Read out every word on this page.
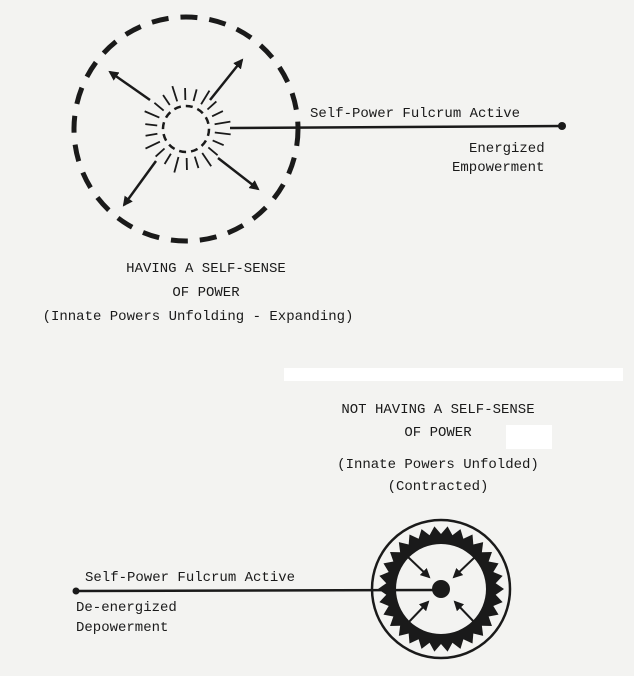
Self-Power Fulcrum Active
Energized
Empowerment
HAVING A SELF-SENSE
OF POWER
(Innate Powers Unfolding - Expanding)
NOT HAVING A SELF-SENSE
OF POWER
(Innate Powers Unfolded)
(Contracted)
Self-Power Fulcrum Active
De-energized
Depowerment
